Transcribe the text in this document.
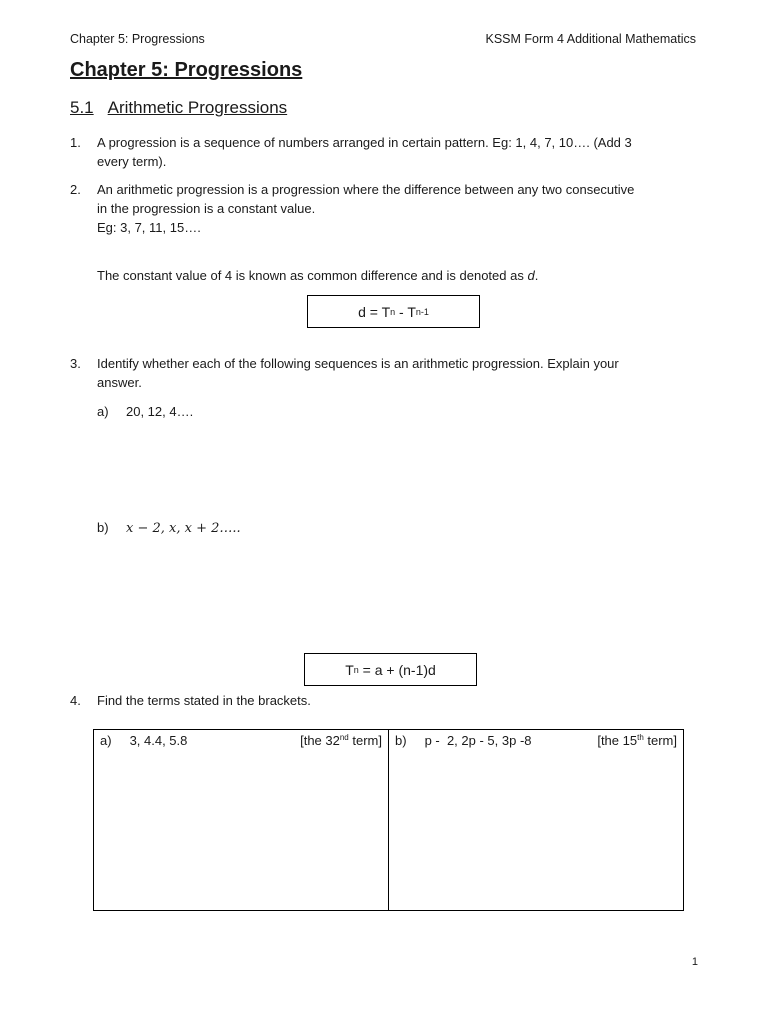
Chapter 5: Progressions	KSSM Form 4 Additional Mathematics
Chapter 5: Progressions
5.1 Arithmetic Progressions
1. A progression is a sequence of numbers arranged in certain pattern. Eg: 1, 4, 7, 10…. (Add 3
every term).
2. An arithmetic progression is a progression where the difference between any two consecutive
in the progression is a constant value.
Eg: 3, 7, 11, 15….
The constant value of 4 is known as common difference and is denoted as d.
d = T n - T n-1
3. Identify whether each of the following sequences is an arithmetic progression. Explain your
answer.
a) 20, 12, 4….
b) x − 2, x, x + 2…..
T n = a + (n-1)d
4. Find the terms stated in the brackets.
a) 3, 4.4, 5.8	[the 32nd term]	b) p -  2, 2p - 5, 3p -8	[the 15th term]
1
